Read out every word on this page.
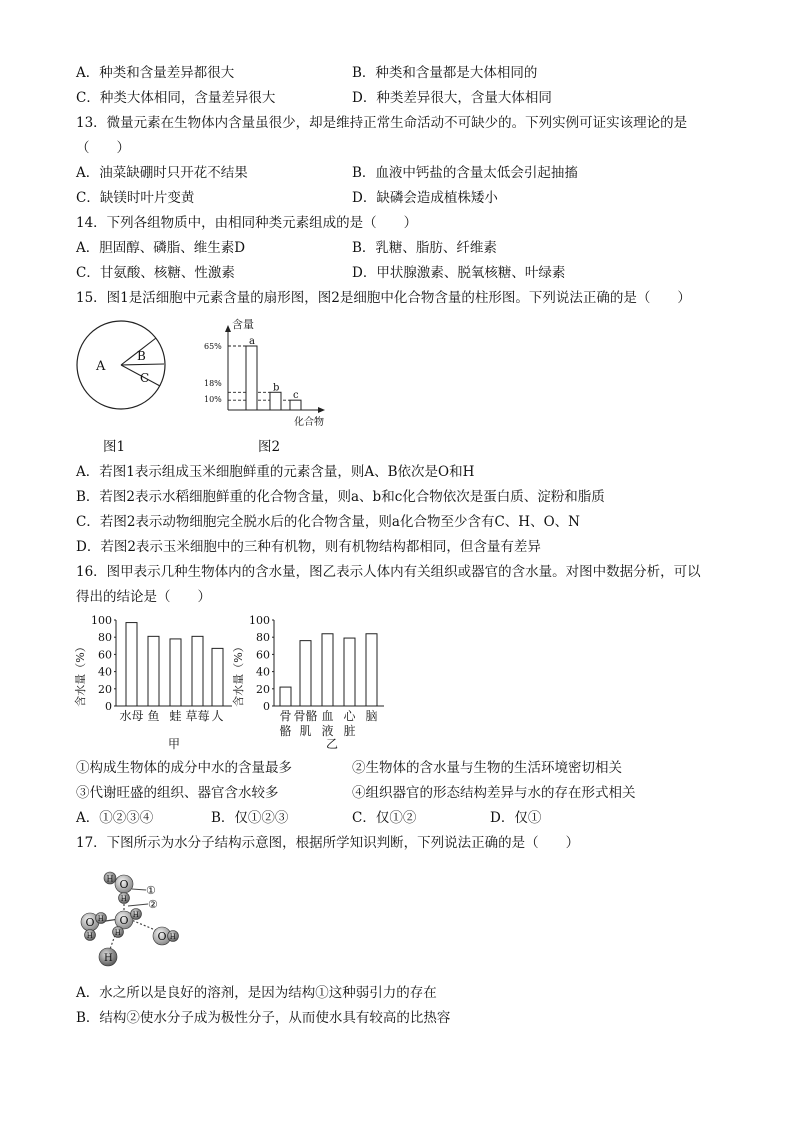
A．种类和含量差异都很大	B．种类和含量都是大体相同的
C．种类大体相同，含量差异很大	D．种类差异很大，含量大体相同
13．微量元素在生物体内含量虽很少，却是维持正常生命活动不可缺少的。下列实例可证实该理论的是
（　　）
A．油菜缺硼时只开花不结果	B．血液中钙盐的含量太低会引起抽搐
C．缺镁时叶片变黄	D．缺磷会造成植株矮小
14．下列各组物质中，由相同种类元素组成的是（　　）
A．胆固醇、磷脂、维生素D	B．乳糖、脂肪、纤维素
C．甘氨酸、核糖、性激素	D．甲状腺激素、脱氧核糖、叶绿素
15．图1是活细胞中元素含量的扇形图，图2是细胞中化合物含量的柱形图。下列说法正确的是（　　）
A
B
C
图1
含量
a
b
c
65%
18%
10%
化合物
图2
A．若图1表示组成玉米细胞鲜重的元素含量，则A、B依次是O和H
B．若图2表示水稻细胞鲜重的化合物含量，则a、b和c化合物依次是蛋白质、淀粉和脂质
C．若图2表示动物细胞完全脱水后的化合物含量，则a化合物至少含有C、H、O、N
D．若图2表示玉米细胞中的三种有机物，则有机物结构都相同，但含量有差异
16．图甲表示几种生物体内的含水量，图乙表示人体内有关组织或器官的含水量。对图中数据分析，可以
得出的结论是（　　）
含水量（%）
100
80
60
40
20
0
水母 鱼 蛙 草莓 人
甲
含水量（%）
100
80
60
40
20
0
骨骼
骨骼肌
血液
心脏
脑
乙
①构成生物体的成分中水的含量最多	②生物体的含水量与生物的生活环境密切相关
③代谢旺盛的组织、器官含水较多	④组织器官的形态结构差异与水的存在形式相关
A．①②③④	B．仅①②③	C．仅①②	D．仅①
17．下图所示为水分子结构示意图，根据所学知识判断，下列说法正确的是（　　）
H O
H
O H
H
O H
H	O H
H
①
②
A．水之所以是良好的溶剂，是因为结构①这种弱引力的存在
B．结构②使水分子成为极性分子，从而使水具有较高的比热容
